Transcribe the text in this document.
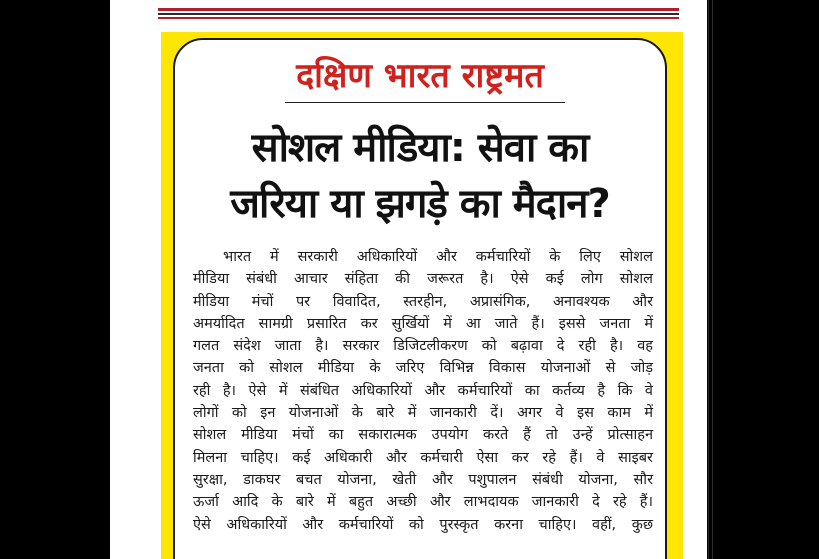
दक्षिण भारत राष्ट्रमत
सोशल मीडिया: सेवा का
जरिया या झगड़े का मैदान?
भारत में सरकारी अधिकारियों और कर्मचारियों के लिए सोशल
मीडिया संबंधी आचार संहिता की जरूरत है। ऐसे कई लोग सोशल
मीडिया मंचों पर विवादित, स्तरहीन, अप्रासंगिक, अनावश्यक और
अमर्यादित सामग्री प्रसारित कर सुर्खियों में आ जाते हैं। इससे जनता में
गलत संदेश जाता है। सरकार डिजिटलीकरण को बढ़ावा दे रही है। वह
जनता को सोशल मीडिया के जरिए विभिन्न विकास योजनाओं से जोड़
रही है। ऐसे में संबंधित अधिकारियों और कर्मचारियों का कर्तव्य है कि वे
लोगों को इन योजनाओं के बारे में जानकारी दें। अगर वे इस काम में
सोशल मीडिया मंचों का सकारात्मक उपयोग करते हैं तो उन्हें प्रोत्साहन
मिलना चाहिए। कई अधिकारी और कर्मचारी ऐसा कर रहे हैं। वे साइबर
सुरक्षा, डाकघर बचत योजना, खेती और पशुपालन संबंधी योजना, सौर
ऊर्जा आदि के बारे में बहुत अच्छी और लाभदायक जानकारी दे रहे हैं।
ऐसे अधिकारियों और कर्मचारियों को पुरस्कृत करना चाहिए। वहीं, कुछ
